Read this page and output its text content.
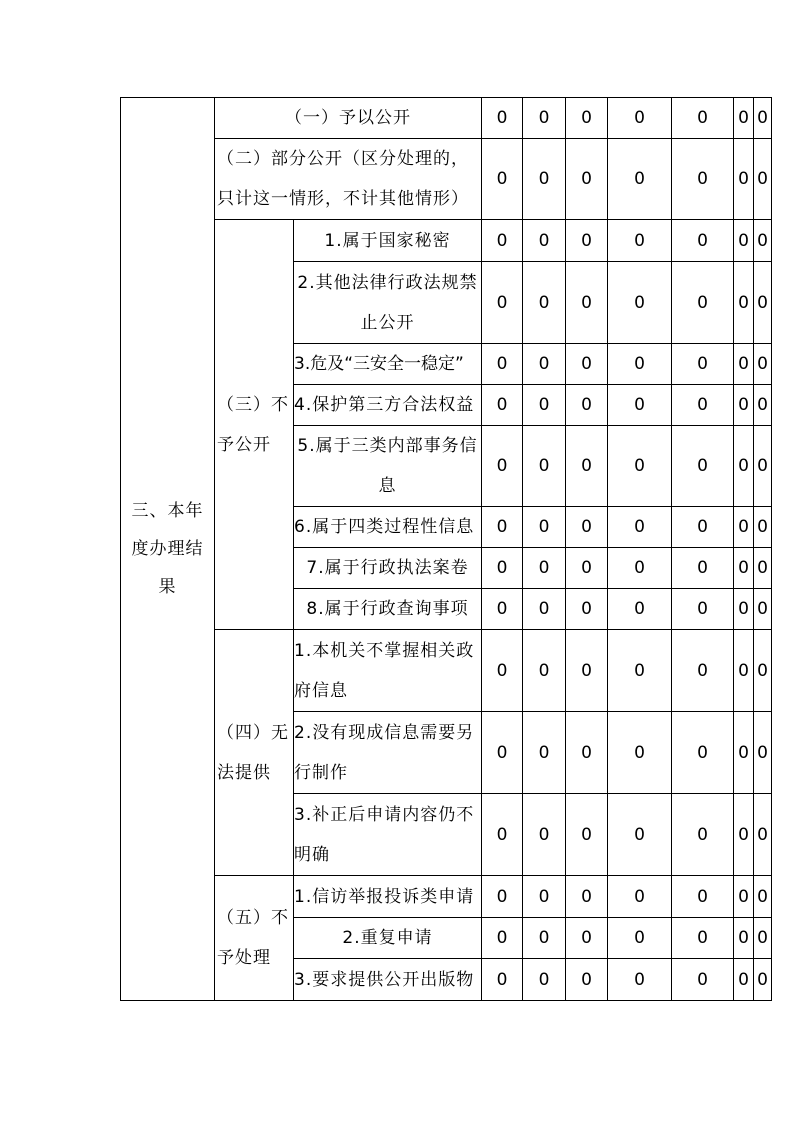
三、本年度办理结果	（一）予以公开		0	0	0	0	0	0	0
	（二）部分公开（区分处理的，只计这一情形，不计其他情形）		0	0	0	0	0	0	0
	（三）不予公开	1.属于国家秘密	0	0	0	0	0	0	0
		2.其他法律行政法规禁止公开	0	0	0	0	0	0	0
		3.危及“三安全一稳定”	0	0	0	0	0	0	0
		4.保护第三方合法权益	0	0	0	0	0	0	0
		5.属于三类内部事务信息	0	0	0	0	0	0	0
		6.属于四类过程性信息	0	0	0	0	0	0	0
		7.属于行政执法案卷	0	0	0	0	0	0	0
		8.属于行政查询事项	0	0	0	0	0	0	0
	（四）无法提供	1.本机关不掌握相关政府信息	0	0	0	0	0	0	0
		2.没有现成信息需要另行制作	0	0	0	0	0	0	0
		3.补正后申请内容仍不明确	0	0	0	0	0	0	0
	（五）不予处理	1.信访举报投诉类申请	0	0	0	0	0	0	0
		2.重复申请	0	0	0	0	0	0	0
		3.要求提供公开出版物	0	0	0	0	0	0	0
